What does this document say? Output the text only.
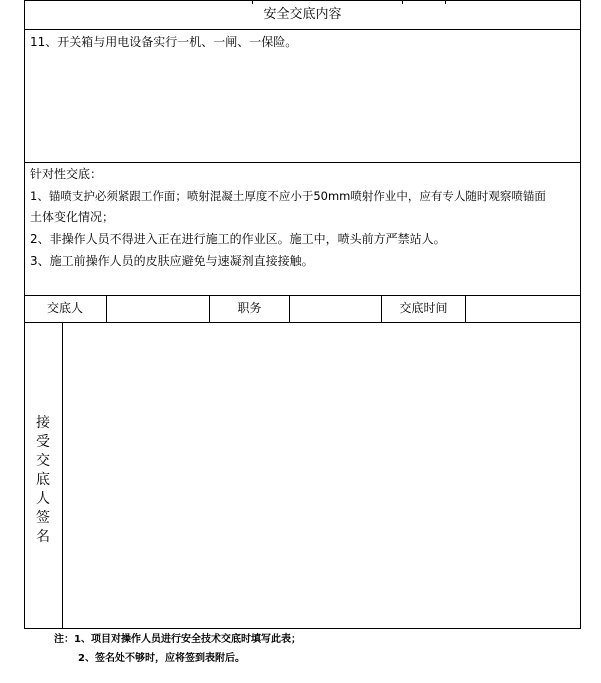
安全交底内容
11、开关箱与用电设备实行一机、一闸、一保险。
针对性交底：
1、锚喷支护必须紧跟工作面；喷射混凝土厚度不应小于50mm喷射作业中，应有专人随时观察喷锚面
土体变化情况；
2、非操作人员不得进入正在进行施工的作业区。施工中，喷头前方严禁站人。
3、施工前操作人员的皮肤应避免与速凝剂直接接触。
交底人	职务	交底时间
接
受
交
底
人
签
名
注：1、项目对操作人员进行安全技术交底时填写此表；
2、签名处不够时，应将签到表附后。
